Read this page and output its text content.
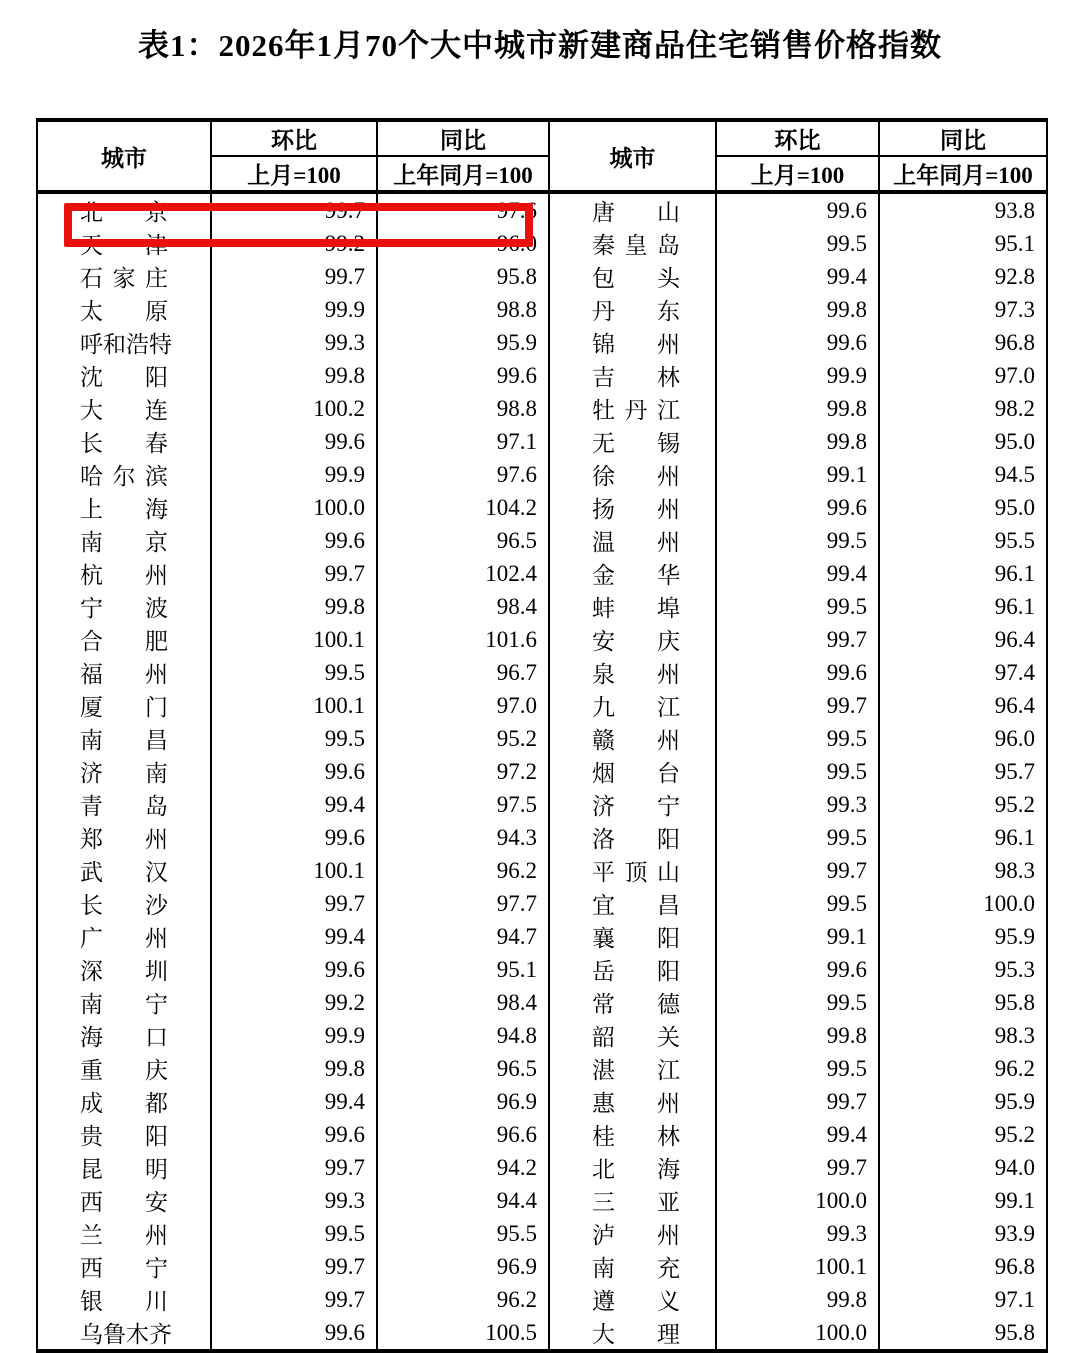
表1：2026年1月70个大中城市新建商品住宅销售价格指数
城市	环比	同比	城市	环比	同比
	上月=100	上年同月=100		上月=100	上年同月=100

北 京	99.7	97.6	唐 山	99.6	93.8

天 津	99.2	96.0	秦 皇 岛	99.5	95.1

石 家 庄	99.7	95.8	包 头	99.4	92.8

太 原	99.9	98.8	丹 东	99.8	97.3

呼 和 浩 特	99.3	95.9	锦 州	99.6	96.8

沈 阳	99.8	99.6	吉 林	99.9	97.0

大 连	100.2	98.8	牡 丹 江	99.8	98.2

长 春	99.6	97.1	无 锡	99.8	95.0

哈 尔 滨	99.9	97.6	徐 州	99.1	94.5

上 海	100.0	104.2	扬 州	99.6	95.0

南 京	99.6	96.5	温 州	99.5	95.5

杭 州	99.7	102.4	金 华	99.4	96.1

宁 波	99.8	98.4	蚌 埠	99.5	96.1

合 肥	100.1	101.6	安 庆	99.7	96.4

福 州	99.5	96.7	泉 州	99.6	97.4

厦 门	100.1	97.0	九 江	99.7	96.4

南 昌	99.5	95.2	赣 州	99.5	96.0

济 南	99.6	97.2	烟 台	99.5	95.7

青 岛	99.4	97.5	济 宁	99.3	95.2

郑 州	99.6	94.3	洛 阳	99.5	96.1

武 汉	100.1	96.2	平 顶 山	99.7	98.3

长 沙	99.7	97.7	宜 昌	99.5	100.0

广 州	99.4	94.7	襄 阳	99.1	95.9

深 圳	99.6	95.1	岳 阳	99.6	95.3

南 宁	99.2	98.4	常 德	99.5	95.8

海 口	99.9	94.8	韶 关	99.8	98.3

重 庆	99.8	96.5	湛 江	99.5	96.2

成 都	99.4	96.9	惠 州	99.7	95.9

贵 阳	99.6	96.6	桂 林	99.4	95.2

昆 明	99.7	94.2	北 海	99.7	94.0

西 安	99.3	94.4	三 亚	100.0	99.1

兰 州	99.5	95.5	泸 州	99.3	93.9

西 宁	99.7	96.9	南 充	100.1	96.8

银 川	99.7	96.2	遵 义	99.8	97.1

乌 鲁 木 齐	99.6	100.5	大 理	100.0	95.8
